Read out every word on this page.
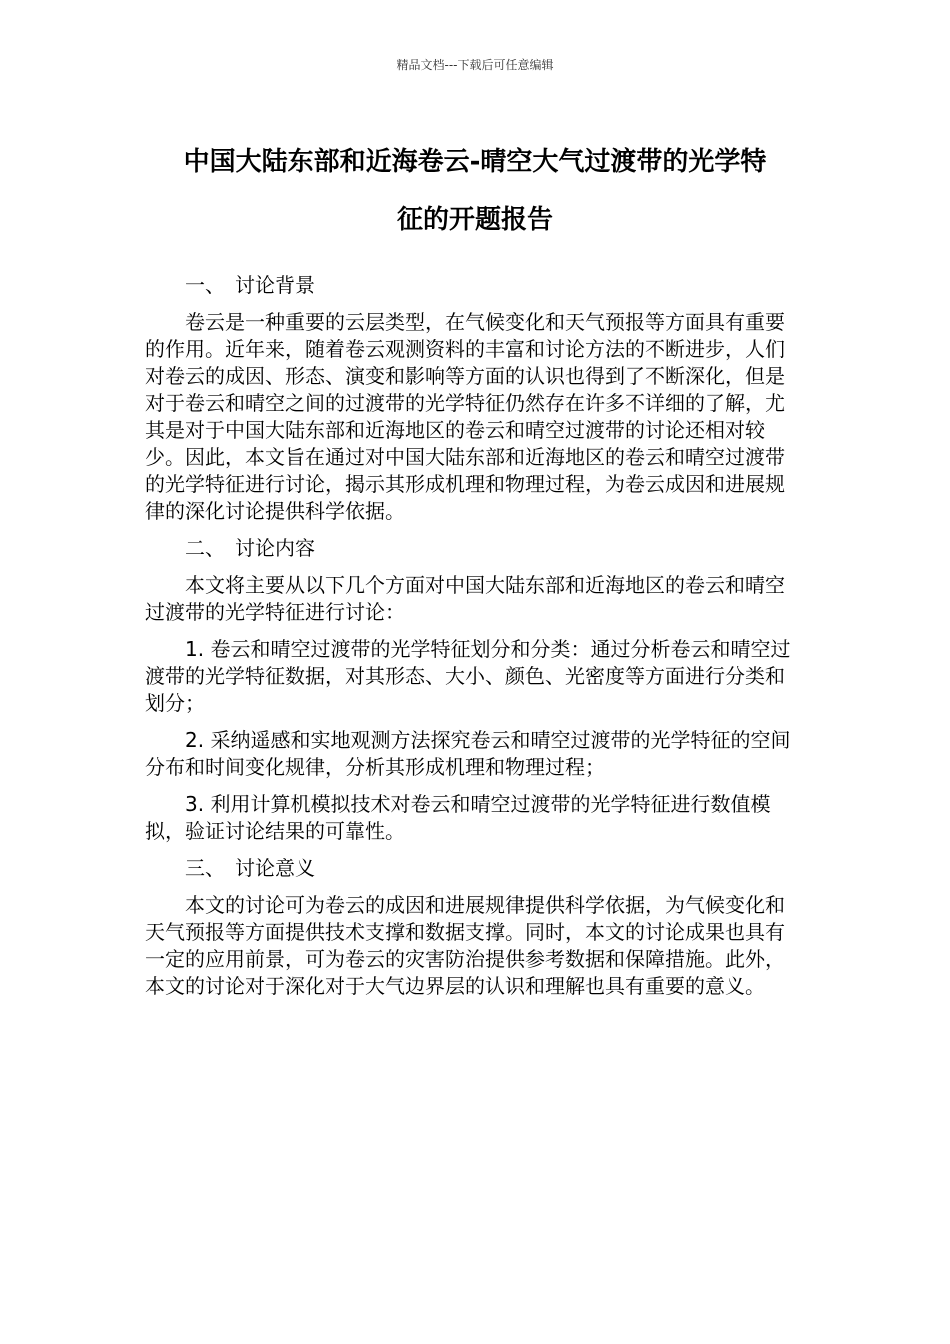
精品文档---下载后可任意编辑
中国大陆东部和近海卷云-晴空大气过渡带的光学特
征的开题报告

一、 讨论背景

卷云是一种重要的云层类型，在气候变化和天气预报等方面具有重要的作用。近年来，随着卷云观测资料的丰富和讨论方法的不断进步，人们对卷云的成因、形态、演变和影响等方面的认识也得到了不断深化，但是对于卷云和晴空之间的过渡带的光学特征仍然存在许多不详细的了解，尤其是对于中国大陆东部和近海地区的卷云和晴空过渡带的讨论还相对较少。因此，本文旨在通过对中国大陆东部和近海地区的卷云和晴空过渡带的光学特征进行讨论，揭示其形成机理和物理过程，为卷云成因和进展规律的深化讨论提供科学依据。

二、 讨论内容

本文将主要从以下几个方面对中国大陆东部和近海地区的卷云和晴空过渡带的光学特征进行讨论：

1. 卷云和晴空过渡带的光学特征划分和分类：通过分析卷云和晴空过渡带的光学特征数据，对其形态、大小、颜色、光密度等方面进行分类和划分；

2. 采纳遥感和实地观测方法探究卷云和晴空过渡带的光学特征的空间分布和时间变化规律，分析其形成机理和物理过程；

3. 利用计算机模拟技术对卷云和晴空过渡带的光学特征进行数值模拟，验证讨论结果的可靠性。

三、 讨论意义

本文的讨论可为卷云的成因和进展规律提供科学依据，为气候变化和天气预报等方面提供技术支撑和数据支撑。同时，本文的讨论成果也具有一定的应用前景，可为卷云的灾害防治提供参考数据和保障措施。此外，本文的讨论对于深化对于大气边界层的认识和理解也具有重要的意义。
